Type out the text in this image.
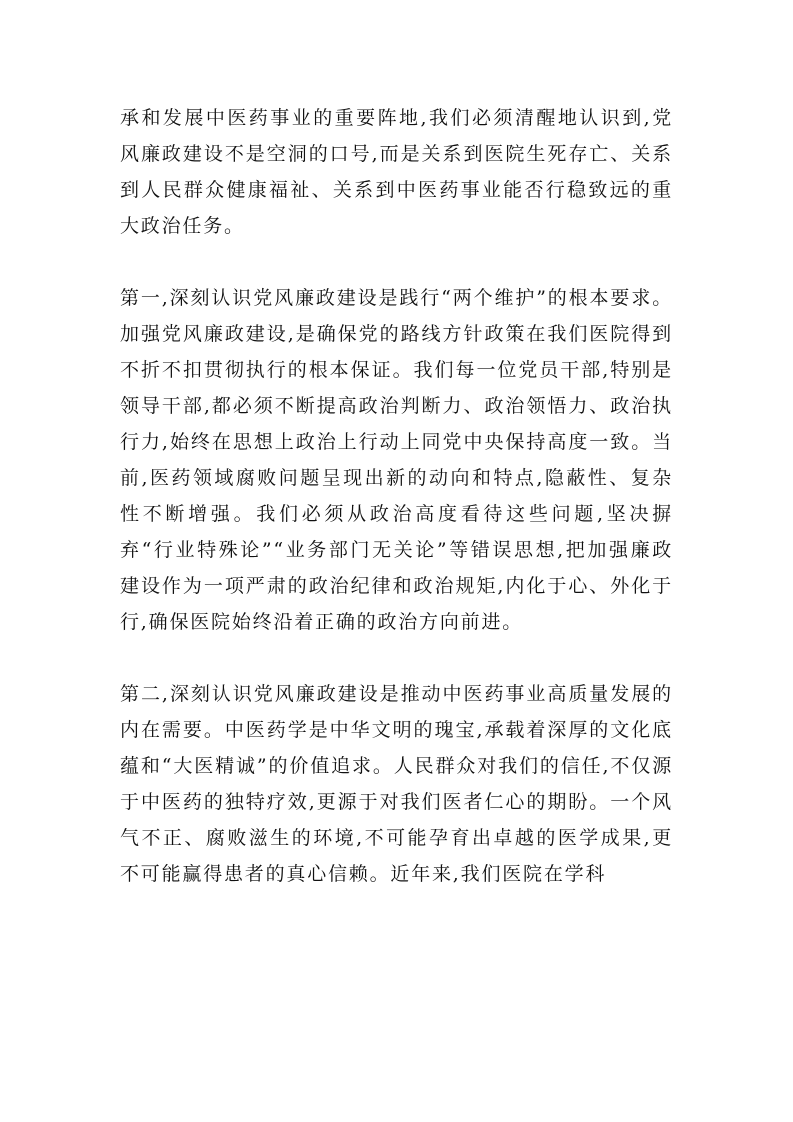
承和发展中医药事业的重要阵地,我们必须清醒地认识到,党风廉政建设不是空洞的口号,而是关系到医院生死存亡、关系到人民群众健康福祉、关系到中医药事业能否行稳致远的重大政治任务。

第一,深刻认识党风廉政建设是践行“两个维护”的根本要求。加强党风廉政建设,是确保党的路线方针政策在我们医院得到不折不扣贯彻执行的根本保证。我们每一位党员干部,特别是领导干部,都必须不断提高政治判断力、政治领悟力、政治执行力,始终在思想上政治上行动上同党中央保持高度一致。当前,医药领域腐败问题呈现出新的动向和特点,隐蔽性、复杂性不断增强。我们必须从政治高度看待这些问题,坚决摒弃“行业特殊论”“业务部门无关论”等错误思想,把加强廉政建设作为一项严肃的政治纪律和政治规矩,内化于心、外化于行,确保医院始终沿着正确的政治方向前进。

第二,深刻认识党风廉政建设是推动中医药事业高质量发展的内在需要。中医药学是中华文明的瑰宝,承载着深厚的文化底蕴和“大医精诚”的价值追求。人民群众对我们的信任,不仅源于中医药的独特疗效,更源于对我们医者仁心的期盼。一个风气不正、腐败滋生的环境,不可能孕育出卓越的医学成果,更不可能赢得患者的真心信赖。近年来,我们医院在学科
